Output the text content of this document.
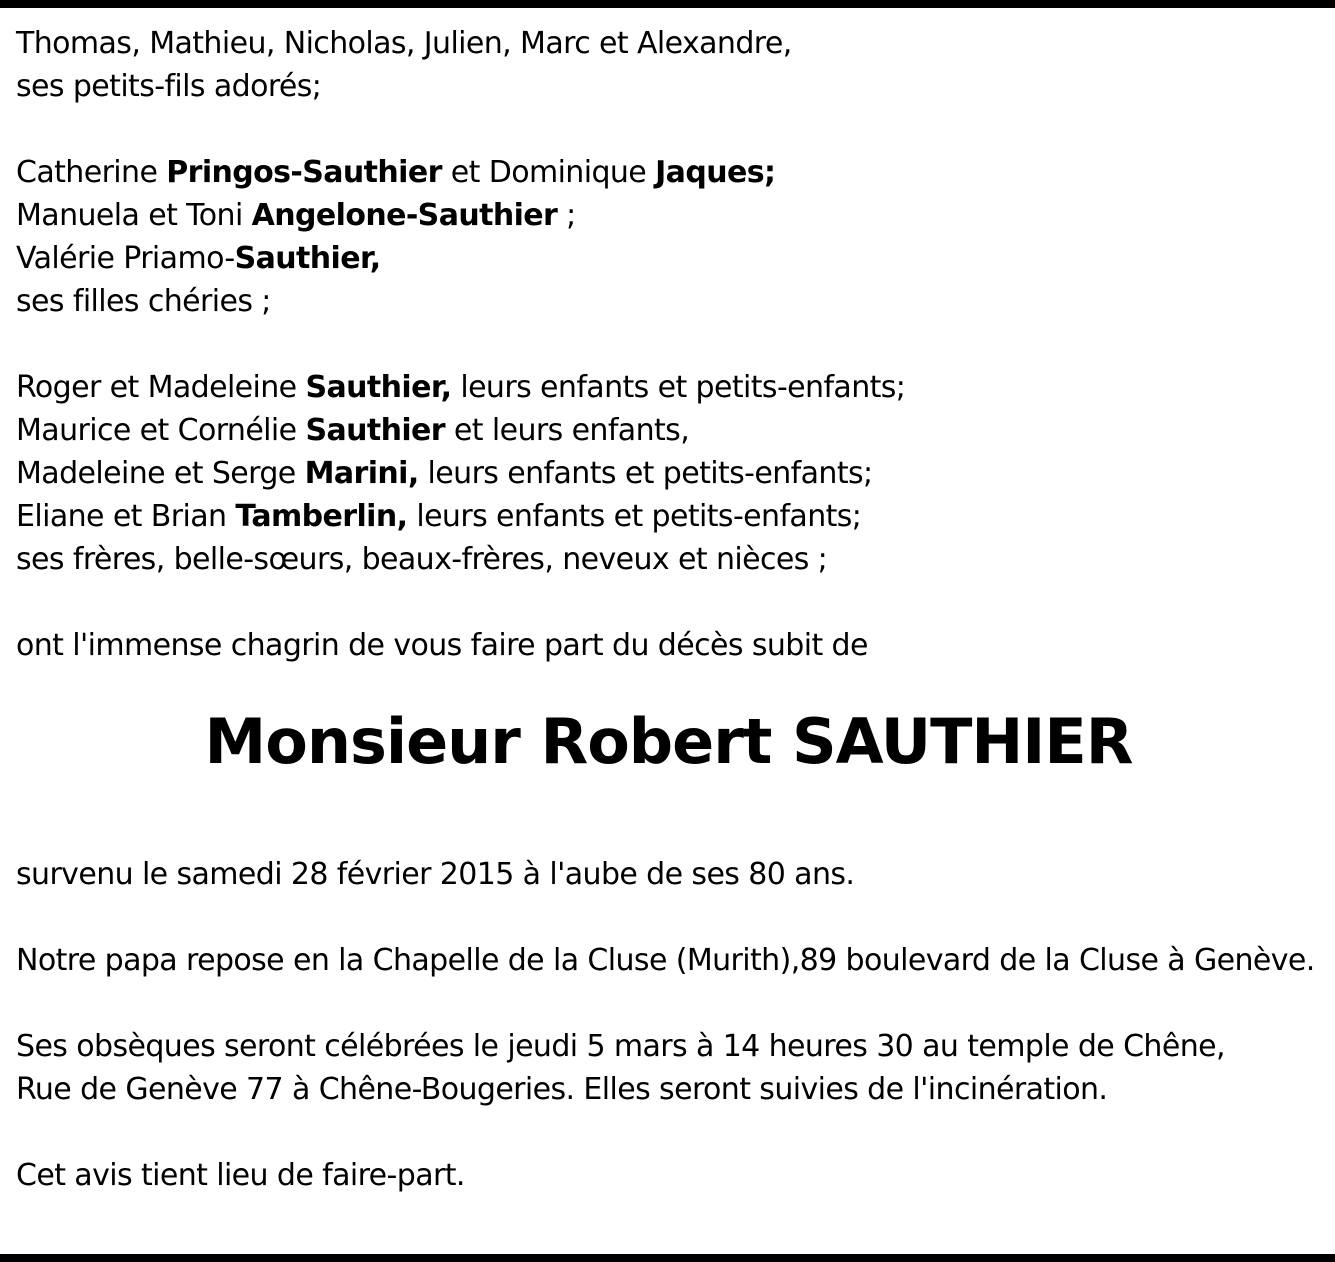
Thomas, Mathieu, Nicholas, Julien, Marc et Alexandre,
ses petits-fils adorés;
Catherine Pringos-Sauthier et Dominique Jaques;
Manuela et Toni Angelone-Sauthier ;
Valérie Priamo-Sauthier,
ses filles chéries ;
Roger et Madeleine Sauthier, leurs enfants et petits-enfants;
Maurice et Cornélie Sauthier et leurs enfants,
Madeleine et Serge Marini, leurs enfants et petits-enfants;
Eliane et Brian Tamberlin, leurs enfants et petits-enfants;
ses frères, belle-sœurs, beaux-frères, neveux et nièces ;
ont l'immense chagrin de vous faire part du décès subit de
Monsieur Robert SAUTHIER
survenu le samedi 28 février 2015 à l'aube de ses 80 ans.
Notre papa repose en la Chapelle de la Cluse (Murith),89 boulevard de la Cluse à Genève.
Ses obsèques seront célébrées le jeudi 5 mars à 14 heures 30 au temple de Chêne,
Rue de Genève 77 à Chêne-Bougeries. Elles seront suivies de l'incinération.
Cet avis tient lieu de faire-part.
